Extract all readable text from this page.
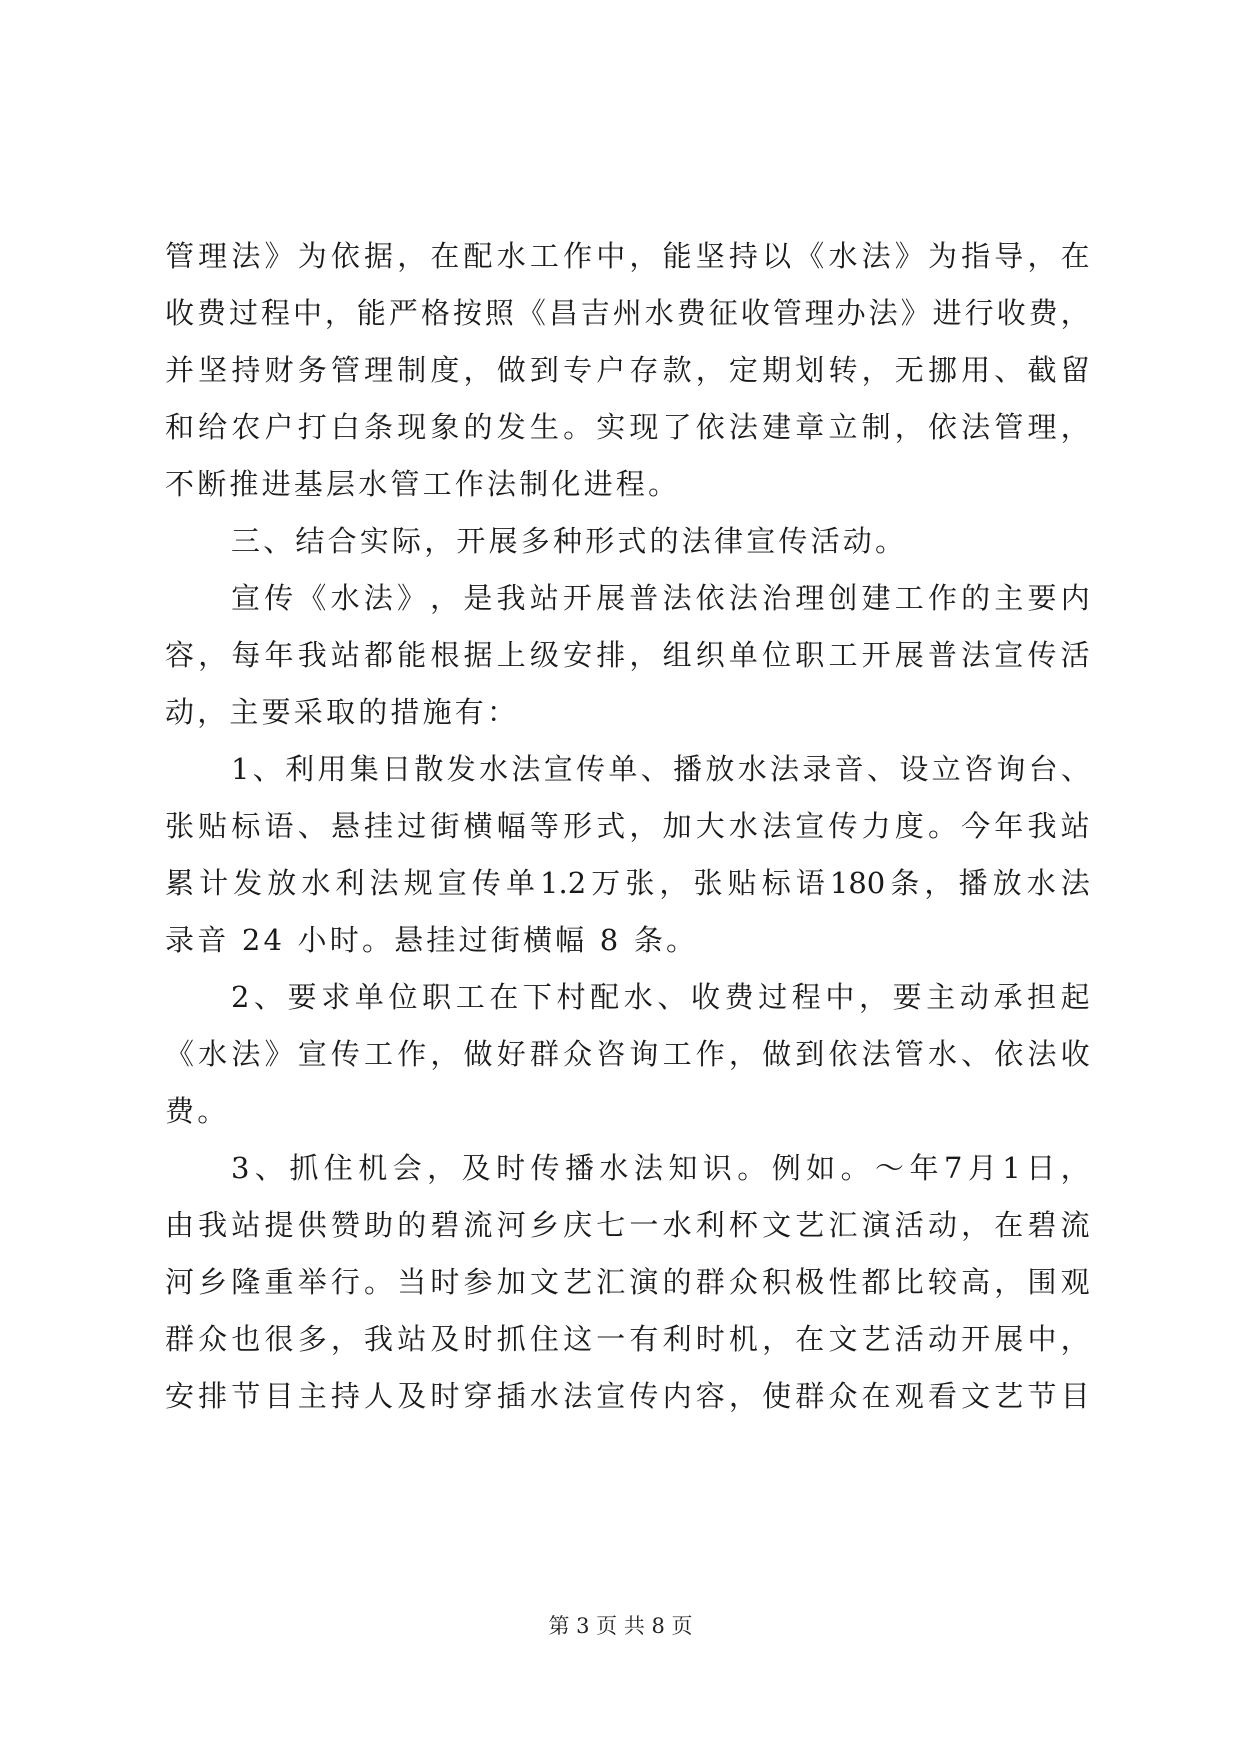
管 理 法 》 为 依 据 ， 在 配 水 工 作 中 ， 能 坚 持 以 《 水 法 》 为 指 导 ， 在
收 费 过 程 中 ， 能 严 格 按 照 《 昌 吉 州 水 费 征 收 管 理 办 法 》 进 行 收 费 ，
并 坚 持 财 务 管 理 制 度 ， 做 到 专 户 存 款 ， 定 期 划 转 ， 无 挪 用 、 截 留
和 给 农 户 打 白 条 现 象 的 发 生 。 实 现 了 依 法 建 章 立 制 ， 依 法 管 理 ，
不断推进基层水管工作法制化进程。
三、结合实际，开展多种形式的法律宣传活动。
宣 传 《 水 法 》 ， 是 我 站 开 展 普 法 依 法 治 理 创 建 工 作 的 主 要 内
容 ， 每 年 我 站 都 能 根 据 上 级 安 排 ， 组 织 单 位 职 工 开 展 普 法 宣 传 活
动，主要采取的措施有：
1 、 利 用 集 日 散 发 水 法 宣 传 单 、 播 放 水 法 录 音 、 设 立 咨 询 台 、
张 贴 标 语 、 悬 挂 过 街 横 幅 等 形 式 ， 加 大 水 法 宣 传 力 度 。 今 年 我 站
累 计 发 放 水 利 法 规 宣 传 单 1.2 万 张 ， 张 贴 标 语 180 条 ， 播 放 水 法
录音 24 小时。悬挂过街横幅 8 条。
2 、 要 求 单 位 职 工 在 下 村 配 水 、 收 费 过 程 中 ， 要 主 动 承 担 起
《 水 法 》 宣 传 工 作 ， 做 好 群 众 咨 询 工 作 ， 做 到 依 法 管 水 、 依 法 收
费。
3 、 抓 住 机 会 ， 及 时 传 播 水 法 知 识 。 例 如 。 ～ 年 7 月 1 日 ，
由 我 站 提 供 赞 助 的 碧 流 河 乡 庆 七 一 水 利 杯 文 艺 汇 演 活 动 ， 在 碧 流
河 乡 隆 重 举 行 。 当 时 参 加 文 艺 汇 演 的 群 众 积 极 性 都 比 较 高 ， 围 观
群 众 也 很 多 ， 我 站 及 时 抓 住 这 一 有 利 时 机 ， 在 文 艺 活 动 开 展 中 ，
安 排 节 目 主 持 人 及 时 穿 插 水 法 宣 传 内 容 ， 使 群 众 在 观 看 文 艺 节 目
第 3 页 共 8 页
